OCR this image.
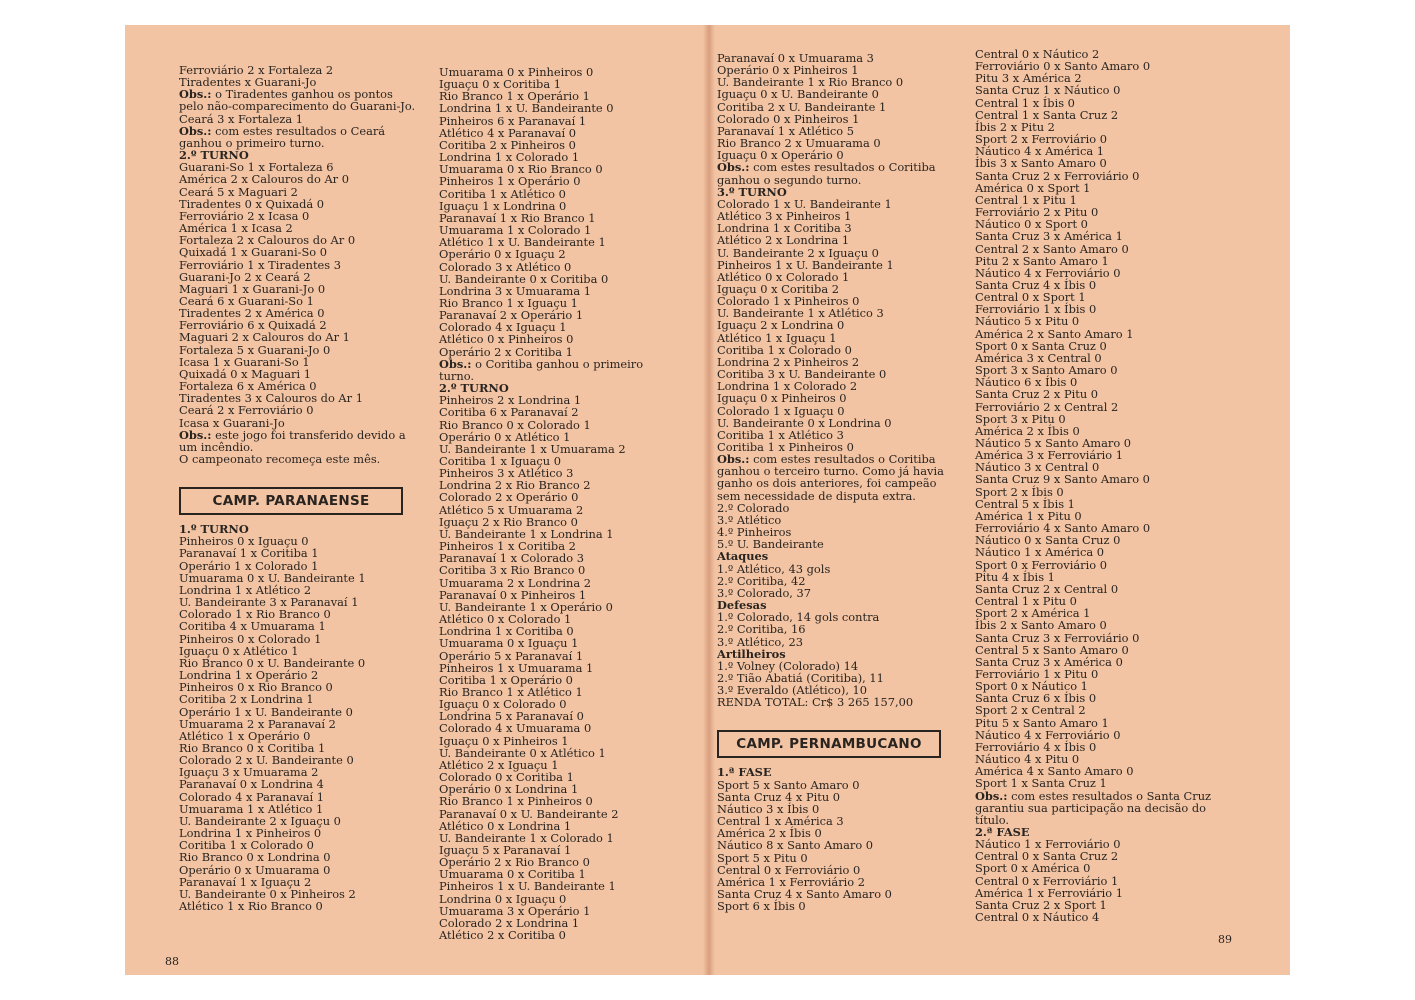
Ferroviário 2 x Fortaleza 2
Tiradentes x Guarani-Jo
Obs.: o Tiradentes ganhou os pontos pelo não-comparecimento do Guarani-Jo.
Ceará 3 x Fortaleza 1
Obs.: com estes resultados o Ceará ganhou o primeiro turno.
2.º TURNO
Guarani-So 1 x Fortaleza 6
América 2 x Calouros do Ar 0
Ceará 5 x Maguari 2
Tiradentes 0 x Quixadá 0
Ferroviário 2 x Icasa 0
América 1 x Icasa 2
Fortaleza 2 x Calouros do Ar 0
Quixadá 1 x Guarani-So 0
Ferroviário 1 x Tiradentes 3
Guarani-Jo 2 x Ceará 2
Maguari 1 x Guarani-Jo 0
Ceará 6 x Guarani-So 1
Tiradentes 2 x América 0
Ferroviário 6 x Quixadá 2
Maguari 2 x Calouros do Ar 1
Fortaleza 5 x Guarani-Jo 0
Icasa 1 x Guarani-So 1
Quixadá 0 x Maguari 1
Fortaleza 6 x América 0
Tiradentes 3 x Calouros do Ar 1
Ceará 2 x Ferroviário 0
Icasa x Guarani-Jo
Obs.: este jogo foi transferido devido a um incêndio.
O campeonato recomeça este mês.
CAMP. PARANAENSE
1.º TURNO
Pinheiros 0 x Iguaçu 0
Paranavaí 1 x Coritiba 1
Operário 1 x Colorado 1
Umuarama 0 x U. Bandeirante 1
Londrina 1 x Atlético 2
U. Bandeirante 3 x Paranavaí 1
Colorado 1 x Rio Branco 0
Coritiba 4 x Umuarama 1
Pinheiros 0 x Colorado 1
Iguaçu 0 x Atlético 1
Rio Branco 0 x U. Bandeirante 0
Londrina 1 x Operário 2
Pinheiros 0 x Rio Branco 0
Coritiba 2 x Londrina 1
Operário 1 x U. Bandeirante 0
Umuarama 2 x Paranavaí 2
Atlético 1 x Operário 0
Rio Branco 0 x Coritiba 1
Colorado 2 x U. Bandeirante 0
Iguaçu 3 x Umuarama 2
Paranavaí 0 x Londrina 4
Colorado 4 x Paranavaí 1
Umuarama 1 x Atlético 1
U. Bandeirante 2 x Iguaçu 0
Londrina 1 x Pinheiros 0
Coritiba 1 x Colorado 0
Rio Branco 0 x Londrina 0
Operário 0 x Umuarama 0
Paranavaí 1 x Iguaçu 2
U. Bandeirante 0 x Pinheiros 2
Atlético 1 x Rio Branco 0
Umuarama 0 x Pinheiros 0
Iguaçu 0 x Coritiba 1
Rio Branco 1 x Operário 1
Londrina 1 x U. Bandeirante 0
Pinheiros 6 x Paranavaí 1
Atlético 4 x Paranavaí 0
Coritiba 2 x Pinheiros 0
Londrina 1 x Colorado 1
Umuarama 0 x Rio Branco 0
Pinheiros 1 x Operário 0
Coritiba 1 x Atlético 0
Iguaçu 1 x Londrina 0
Paranavaí 1 x Rio Branco 1
Umuarama 1 x Colorado 1
Atlético 1 x U. Bandeirante 1
Operário 0 x Iguaçu 2
Colorado 3 x Atlético 0
U. Bandeirante 0 x Coritiba 0
Londrina 3 x Umuarama 1
Rio Branco 1 x Iguaçu 1
Paranavaí 2 x Operário 1
Colorado 4 x Iguaçu 1
Atlético 0 x Pinheiros 0
Operário 2 x Coritiba 1
Obs.: o Coritiba ganhou o primeiro turno.
2.º TURNO
Pinheiros 2 x Londrina 1
Coritiba 6 x Paranavaí 2
Rio Branco 0 x Colorado 1
Operário 0 x Atlético 1
U. Bandeirante 1 x Umuarama 2
Coritiba 1 x Iguaçu 0
Pinheiros 3 x Atlético 3
Londrina 2 x Rio Branco 2
Colorado 2 x Operário 0
Atlético 5 x Umuarama 2
Iguaçu 2 x Rio Branco 0
U. Bandeirante 1 x Londrina 1
Pinheiros 1 x Coritiba 2
Paranavaí 1 x Colorado 3
Coritiba 3 x Rio Branco 0
Umuarama 2 x Londrina 2
Paranavaí 0 x Pinheiros 1
U. Bandeirante 1 x Operário 0
Atlético 0 x Colorado 1
Londrina 1 x Coritiba 0
Umuarama 0 x Iguaçu 1
Operário 5 x Paranavaí 1
Pinheiros 1 x Umuarama 1
Coritiba 1 x Operário 0
Rio Branco 1 x Atlético 1
Iguaçu 0 x Colorado 0
Londrina 5 x Paranavaí 0
Colorado 4 x Umuarama 0
Iguaçu 0 x Pinheiros 1
U. Bandeirante 0 x Atlético 1
Atlético 2 x Iguaçu 1
Colorado 0 x Coritiba 1
Operário 0 x Londrina 1
Rio Branco 1 x Pinheiros 0
Paranavaí 0 x U. Bandeirante 2
Atlético 0 x Londrina 1
U. Bandeirante 1 x Colorado 1
Iguaçu 5 x Paranavaí 1
Operário 2 x Rio Branco 0
Umuarama 0 x Coritiba 1
Pinheiros 1 x U. Bandeirante 1
Londrina 0 x Iguaçu 0
Umuarama 3 x Operário 1
Colorado 2 x Londrina 1
Atlético 2 x Coritiba 0
Paranavaí 0 x Umuarama 3
Operário 0 x Pinheiros 1
U. Bandeirante 1 x Rio Branco 0
Iguaçu 0 x U. Bandeirante 0
Coritiba 2 x U. Bandeirante 1
Colorado 0 x Pinheiros 1
Paranavaí 1 x Atlético 5
Rio Branco 2 x Umuarama 0
Iguaçu 0 x Operário 0
Obs.: com estes resultados o Coritiba ganhou o segundo turno.
3.º TURNO
Colorado 1 x U. Bandeirante 1
Atlético 3 x Pinheiros 1
Londrina 1 x Coritiba 3
Atlético 2 x Londrina 1
U. Bandeirante 2 x Iguaçu 0
Pinheiros 1 x U. Bandeirante 1
Atlético 0 x Colorado 1
Iguaçu 0 x Coritiba 2
Colorado 1 x Pinheiros 0
U. Bandeirante 1 x Atlético 3
Iguaçu 2 x Londrina 0
Atlético 1 x Iguaçu 1
Coritiba 1 x Colorado 0
Londrina 2 x Pinheiros 2
Coritiba 3 x U. Bandeirante 0
Londrina 1 x Colorado 2
Iguaçu 0 x Pinheiros 0
Colorado 1 x Iguaçu 0
U. Bandeirante 0 x Londrina 0
Coritiba 1 x Atlético 3
Coritiba 1 x Pinheiros 0
Obs.: com estes resultados o Coritiba ganhou o terceiro turno. Como já havia ganho os dois anteriores, foi campeão sem necessidade de disputa extra.
2.º Colorado
3.º Atlético
4.º Pinheiros
5.º U. Bandeirante
Ataques
1.º Atlético, 43 gols
2.º Coritiba, 42
3.º Colorado, 37
Defesas
1.º Colorado, 14 gols contra
2.º Coritiba, 16
3.º Atlético, 23
Artilheiros
1.º Volney (Colorado) 14
2.º Tião Abatiá (Coritiba), 11
3.º Everaldo (Atlético), 10
RENDA TOTAL: Cr$ 3 265 157,00
CAMP. PERNAMBUCANO
1.ª FASE
Sport 5 x Santo Amaro 0
Santa Cruz 4 x Pitu 0
Náutico 3 x Íbis 0
Central 1 x América 3
América 2 x Íbis 0
Náutico 8 x Santo Amaro 0
Sport 5 x Pitu 0
Central 0 x Ferroviário 0
América 1 x Ferroviário 2
Santa Cruz 4 x Santo Amaro 0
Sport 6 x Íbis 0
Central 0 x Náutico 2
Ferroviário 0 x Santo Amaro 0
Pitu 3 x América 2
Santa Cruz 1 x Náutico 0
Central 1 x Íbis 0
Central 1 x Santa Cruz 2
Íbis 2 x Pitu 2
Sport 2 x Ferroviário 0
Náutico 4 x América 1
Íbis 3 x Santo Amaro 0
Santa Cruz 2 x Ferroviário 0
América 0 x Sport 1
Central 1 x Pitu 1
Ferroviário 2 x Pitu 0
Náutico 0 x Sport 0
Santa Cruz 3 x América 1
Central 2 x Santo Amaro 0
Pitu 2 x Santo Amaro 1
Náutico 4 x Ferroviário 0
Santa Cruz 4 x Íbis 0
Central 0 x Sport 1
Ferroviário 1 x Íbis 0
Náutico 5 x Pitu 0
América 2 x Santo Amaro 1
Sport 0 x Santa Cruz 0
América 3 x Central 0
Sport 3 x Santo Amaro 0
Náutico 6 x Íbis 0
Santa Cruz 2 x Pitu 0
Ferroviário 2 x Central 2
Sport 3 x Pitu 0
América 2 x Íbis 0
Náutico 5 x Santo Amaro 0
América 3 x Ferroviário 1
Náutico 3 x Central 0
Santa Cruz 9 x Santo Amaro 0
Sport 2 x Íbis 0
Central 5 x Íbis 1
América 1 x Pitu 0
Ferroviário 4 x Santo Amaro 0
Náutico 0 x Santa Cruz 0
Náutico 1 x América 0
Sport 0 x Ferroviário 0
Pitu 4 x Íbis 1
Santa Cruz 2 x Central 0
Central 1 x Pitu 0
Sport 2 x América 1
Íbis 2 x Santo Amaro 0
Santa Cruz 3 x Ferroviário 0
Central 5 x Santo Amaro 0
Santa Cruz 3 x América 0
Ferroviário 1 x Pitu 0
Sport 0 x Náutico 1
Santa Cruz 6 x Íbis 0
Sport 2 x Central 2
Pitu 5 x Santo Amaro 1
Náutico 4 x Ferroviário 0
Ferroviário 4 x Íbis 0
Náutico 4 x Pitu 0
América 4 x Santo Amaro 0
Sport 1 x Santa Cruz 1
Obs.: com estes resultados o Santa Cruz garantiu sua participação na decisão do título.
2.ª FASE
Náutico 1 x Ferroviário 0
Central 0 x Santa Cruz 2
Sport 0 x América 0
Central 0 x Ferroviário 1
América 1 x Ferroviário 1
Santa Cruz 2 x Sport 1
Central 0 x Náutico 4
88
89
